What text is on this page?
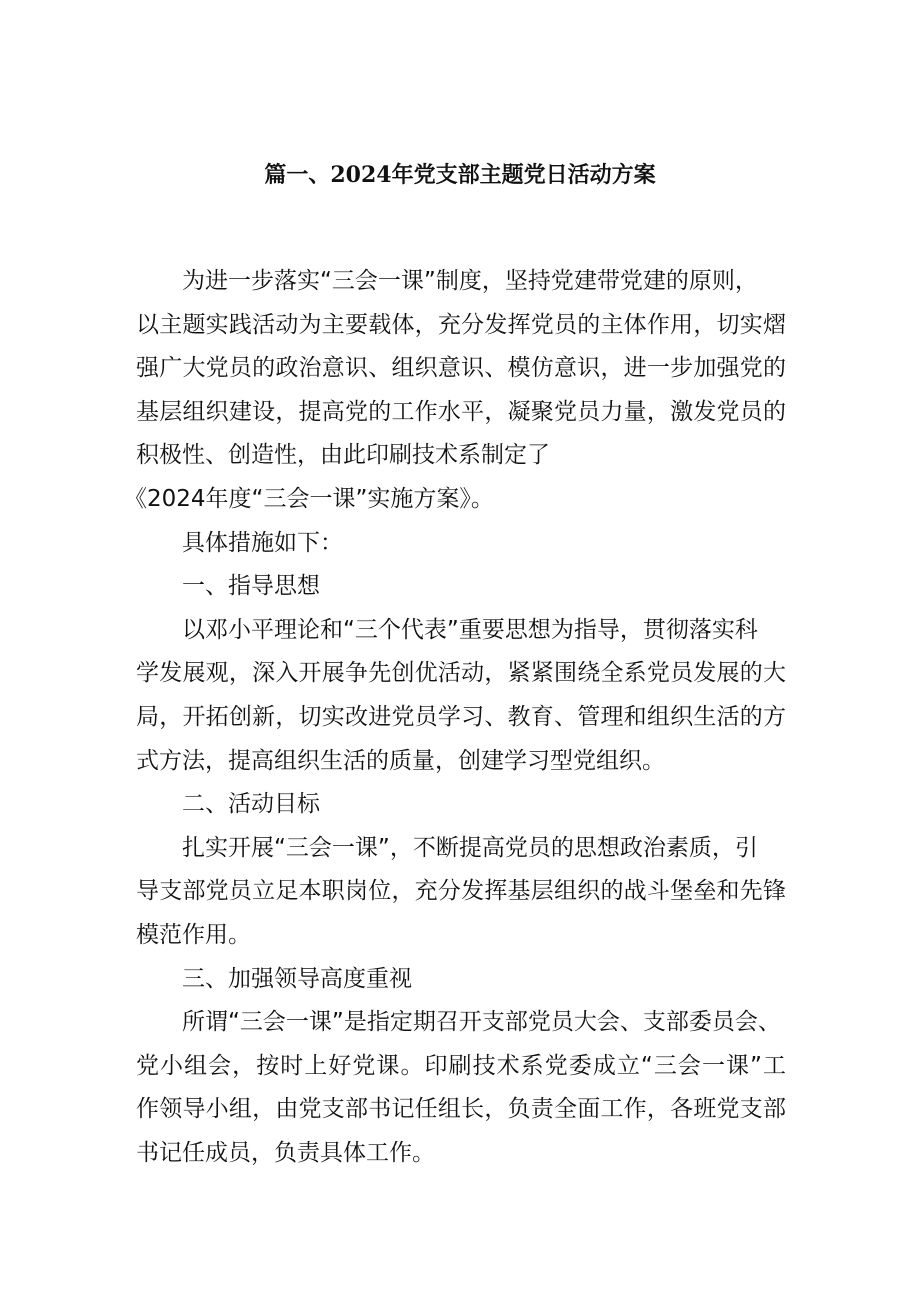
篇一、2024年党支部主题党日活动方案
为进一步落实“三会一课”制度，坚持党建带党建的原则，
以主题实践活动为主要载体，充分发挥党员的主体作用，切实熠
强广大党员的政治意识、组织意识、模仿意识，进一步加强党的
基层组织建设，提高党的工作水平，凝聚党员力量，激发党员的
积极性、创造性，由此印刷技术系制定了
《2024年度“三会一课”实施方案》。
具体措施如下：
一、指导思想
以邓小平理论和“三个代表”重要思想为指导，贯彻落实科
学发展观，深入开展争先创优活动，紧紧围绕全系党员发展的大
局，开拓创新，切实改进党员学习、教育、管理和组织生活的方
式方法，提高组织生活的质量，创建学习型党组织。
二、活动目标
扎实开展“三会一课”，不断提高党员的思想政治素质，引
导支部党员立足本职岗位，充分发挥基层组织的战斗堡垒和先锋
模范作用。
三、加强领导高度重视
所谓“三会一课”是指定期召开支部党员大会、支部委员会、
党小组会，按时上好党课。印刷技术系党委成立“三会一课”工
作领导小组，由党支部书记任组长，负责全面工作，各班党支部
书记任成员，负责具体工作。
